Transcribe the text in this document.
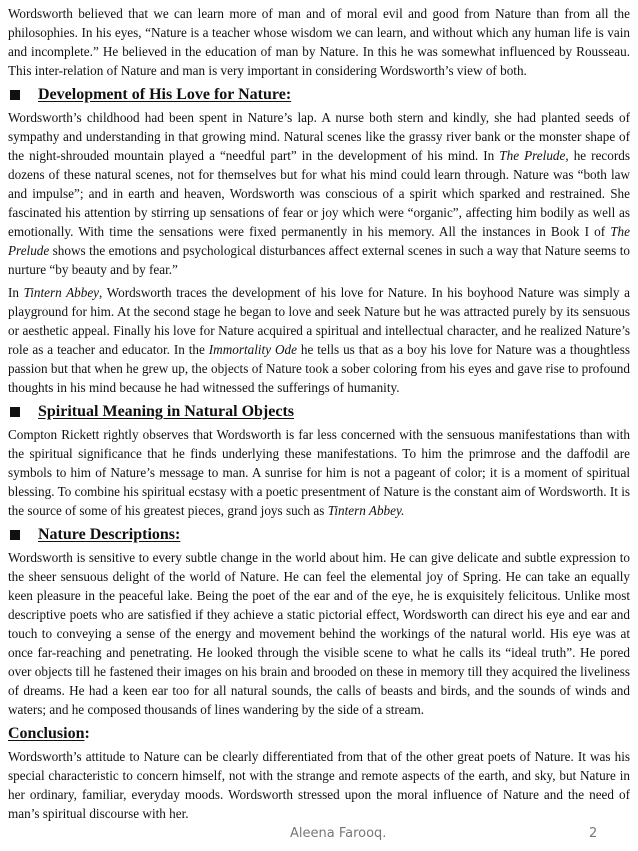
Wordsworth believed that we can learn more of man and of moral evil and good from Nature than from all the philosophies. In his eyes, “Nature is a teacher whose wisdom we can learn, and without which any human life is vain and incomplete.” He believed in the education of man by Nature. In this he was somewhat influenced by Rousseau. This inter-relation of Nature and man is very important in considering Wordsworth’s view of both.

Development of His Love for Nature:

Wordsworth’s childhood had been spent in Nature’s lap. A nurse both stern and kindly, she had planted seeds of sympathy and understanding in that growing mind. Natural scenes like the grassy river bank or the monster shape of the night-shrouded mountain played a “needful part” in the development of his mind. In The Prelude, he records dozens of these natural scenes, not for themselves but for what his mind could learn through. Nature was “both law and impulse”; and in earth and heaven, Wordsworth was conscious of a spirit which sparked and restrained. She fascinated his attention by stirring up sensations of fear or joy which were “organic”, affecting him bodily as well as emotionally. With time the sensations were fixed permanently in his memory. All the instances in Book I of The Prelude shows the emotions and psychological disturbances affect external scenes in such a way that Nature seems to nurture “by beauty and by fear.”

In Tintern Abbey, Wordsworth traces the development of his love for Nature. In his boyhood Nature was simply a playground for him. At the second stage he began to love and seek Nature but he was attracted purely by its sensuous or aesthetic appeal. Finally his love for Nature acquired a spiritual and intellectual character, and he realized Nature’s role as a teacher and educator. In the Immortality Ode he tells us that as a boy his love for Nature was a thoughtless passion but that when he grew up, the objects of Nature took a sober coloring from his eyes and gave rise to profound thoughts in his mind because he had witnessed the sufferings of humanity.

Spiritual Meaning in Natural Objects

Compton Rickett rightly observes that Wordsworth is far less concerned with the sensuous manifestations than with the spiritual significance that he finds underlying these manifestations. To him the primrose and the daffodil are symbols to him of Nature’s message to man. A sunrise for him is not a pageant of color; it is a moment of spiritual blessing. To combine his spiritual ecstasy with a poetic presentment of Nature is the constant aim of Wordsworth. It is the source of some of his greatest pieces, grand joys such as Tintern Abbey.

Nature Descriptions:

Wordsworth is sensitive to every subtle change in the world about him. He can give delicate and subtle expression to the sheer sensuous delight of the world of Nature. He can feel the elemental joy of Spring. He can take an equally keen pleasure in the peaceful lake. Being the poet of the ear and of the eye, he is exquisitely felicitous. Unlike most descriptive poets who are satisfied if they achieve a static pictorial effect, Wordsworth can direct his eye and ear and touch to conveying a sense of the energy and movement behind the workings of the natural world. His eye was at once far-reaching and penetrating. He looked through the visible scene to what he calls its “ideal truth”. He pored over objects till he fastened their images on his brain and brooded on these in memory till they acquired the liveliness of dreams. He had a keen ear too for all natural sounds, the calls of beasts and birds, and the sounds of winds and waters; and he composed thousands of lines wandering by the side of a stream.

Conclusion:

Wordsworth’s attitude to Nature can be clearly differentiated from that of the other great poets of Nature. It was his special characteristic to concern himself, not with the strange and remote aspects of the earth, and sky, but Nature in her ordinary, familiar, everyday moods. Wordsworth stressed upon the moral influence of Nature and the need of man’s spiritual discourse with her.

Aleena Farooq.	2
